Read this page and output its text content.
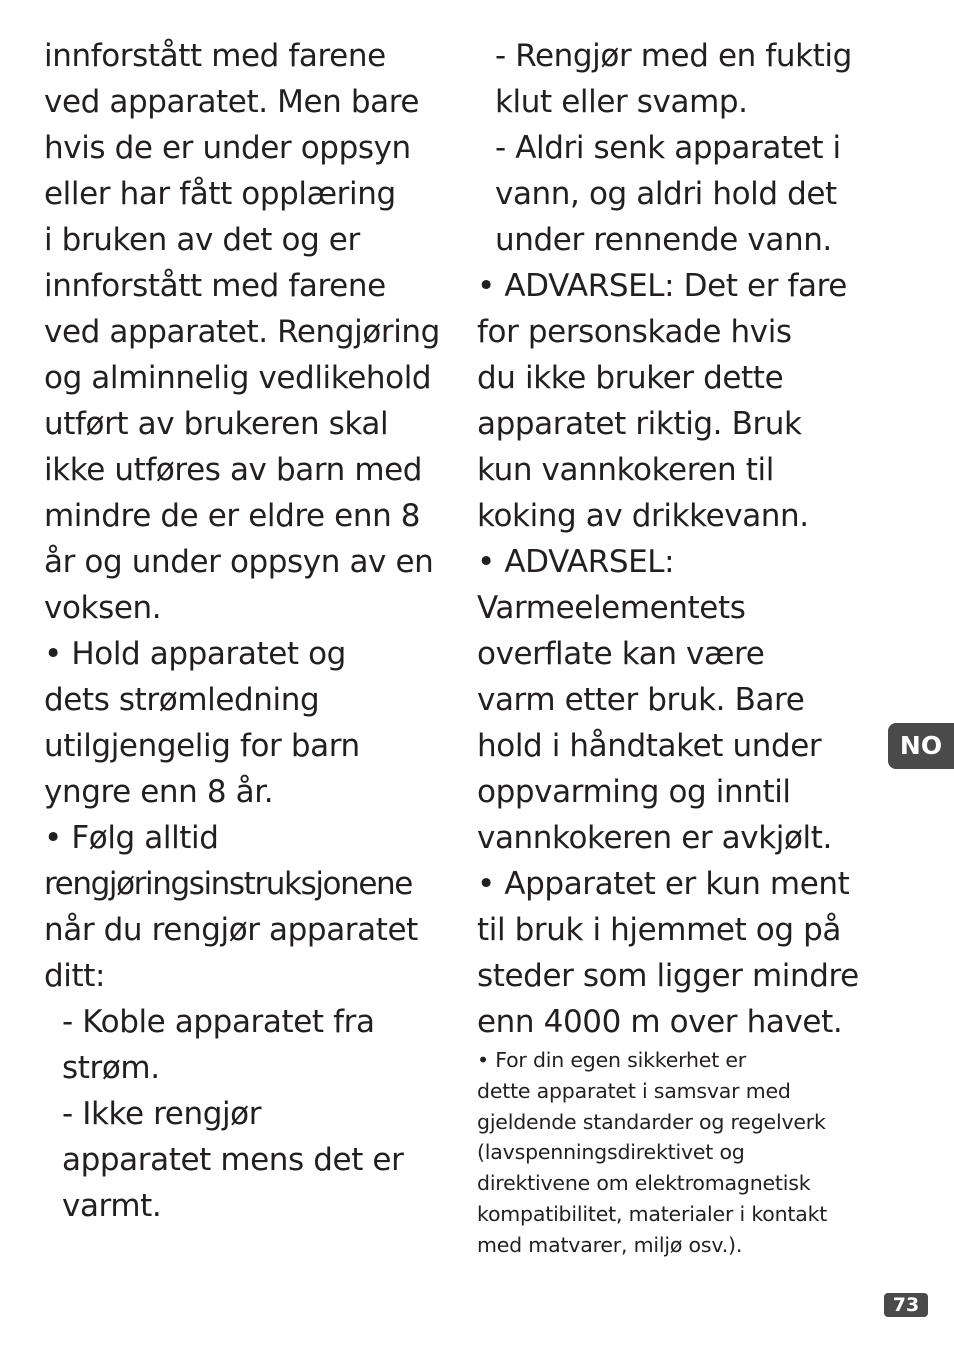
innforstått med farene
ved apparatet. Men bare
hvis de er under oppsyn
eller har fått opplæring
i bruken av det og er
innforstått med farene
ved apparatet. Rengjøring
og alminnelig vedlikehold
utført av brukeren skal
ikke utføres av barn med
mindre de er eldre enn 8
år og under oppsyn av en
voksen.
• Hold apparatet og
dets strømledning
utilgjengelig for barn
yngre enn 8 år.
• Følg alltid
rengjøringsinstruksjonene
når du rengjør apparatet
ditt:
- Koble apparatet fra
strøm.
- Ikke rengjør
apparatet mens det er
varmt.
- Rengjør med en fuktig
klut eller svamp.
- Aldri senk apparatet i
vann, og aldri hold det
under rennende vann.
• ADVARSEL: Det er fare
for personskade hvis
du ikke bruker dette
apparatet riktig. Bruk
kun vannkokeren til
koking av drikkevann.
• ADVARSEL:
Varmeelementets
overflate kan være
varm etter bruk. Bare
hold i håndtaket under
oppvarming og inntil
vannkokeren er avkjølt.
• Apparatet er kun ment
til bruk i hjemmet og på
steder som ligger mindre
enn 4000 m over havet.
• For din egen sikkerhet er
dette apparatet i samsvar med
gjeldende standarder og regelverk
(lavspenningsdirektivet og
direktivene om elektromagnetisk
kompatibilitet, materialer i kontakt
med matvarer, miljø osv.).
NO
73
